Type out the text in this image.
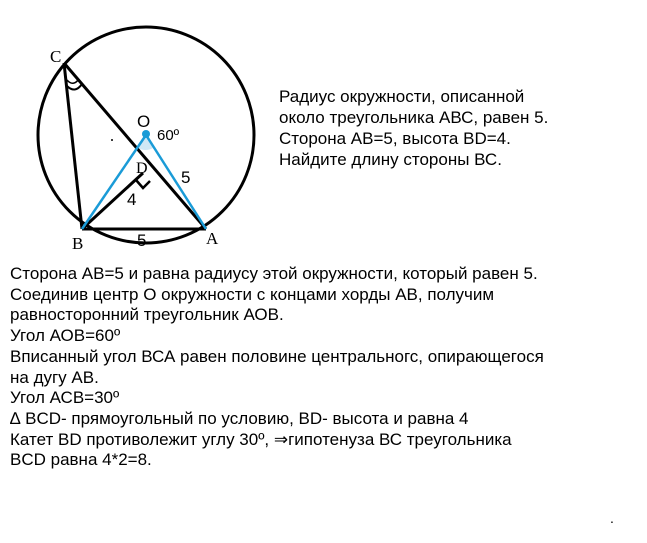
C
B	A
O
D
60º
5
4
5
Радиус окружности, описанной
около треугольника АВС, равен 5.
Сторона АВ=5, высота BD=4.
Найдите длину стороны ВС.
Сторона АВ=5 и равна радиусу этой окружности, который равен 5.
Соединив центр О окружности с концами хорды АВ, получим
равносторонний треугольник АОВ.
Угол АОВ=60º
Вписанный угол ВСА равен половине центральногс, опирающегося
на дугу АВ.
Угол АСВ=30º
∆ BCD- прямоугольный по условию, BD- высота и равна 4
Катет BD противолежит углу 30º, ⇒гипотенуза ВС треугольника
BCD равна 4*2=8.
.
